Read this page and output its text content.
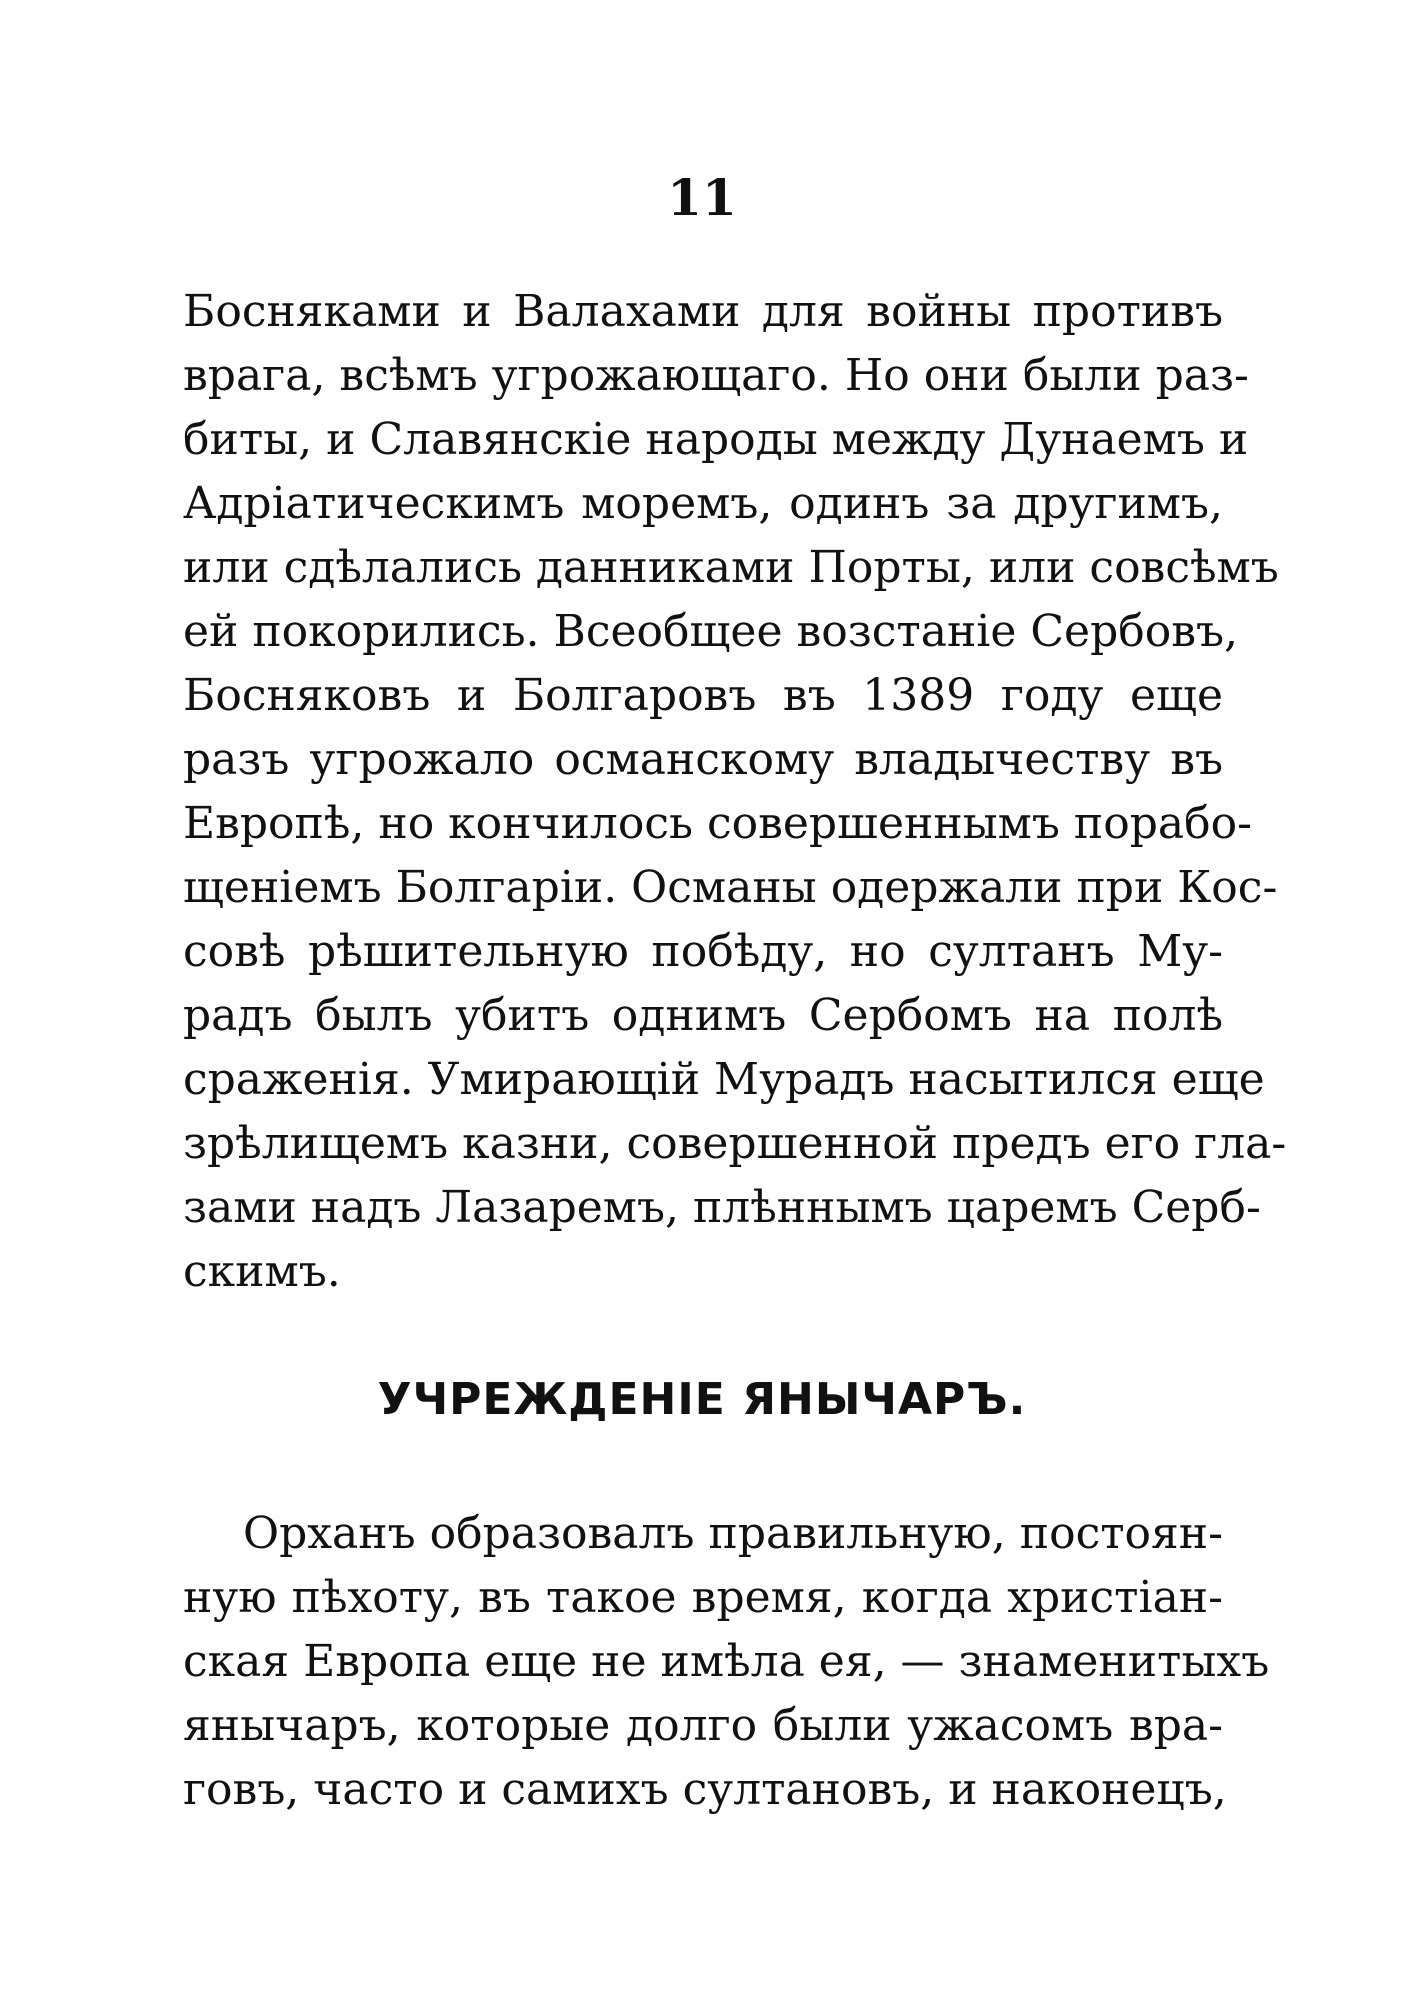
11
Босняками и Валахами для войны противъ
врага, всѣмъ угрожающаго. Но они были раз-
биты, и Славянскіе народы между Дунаемъ и
Адріатическимъ моремъ, одинъ за другимъ,
или сдѣлались данниками Порты, или совсѣмъ
ей покорились. Всеобщее возстаніе Сербовъ,
Босняковъ и Болгаровъ въ 1389 году еще
разъ угрожало османскому владычеству въ
Европѣ, но кончилось совершеннымъ порабо-
щеніемъ Болгаріи. Османы одержали при Кос-
совѣ рѣшительную побѣду, но султанъ Му-
радъ былъ убитъ однимъ Сербомъ на полѣ
сраженія. Умирающій Мурадъ насытился еще
зрѣлищемъ казни, совершенной предъ его гла-
зами надъ Лазаремъ, плѣннымъ царемъ Серб-
скимъ.
УЧРЕЖДЕНІЕ ЯНЫЧАРЪ.
Орханъ образовалъ правильную, постоян-
ную пѣхоту, въ такое время, когда христіан-
ская Европа еще не имѣла ея, — знаменитыхъ
янычаръ, которые долго были ужасомъ вра-
говъ, часто и самихъ султановъ, и наконецъ,
